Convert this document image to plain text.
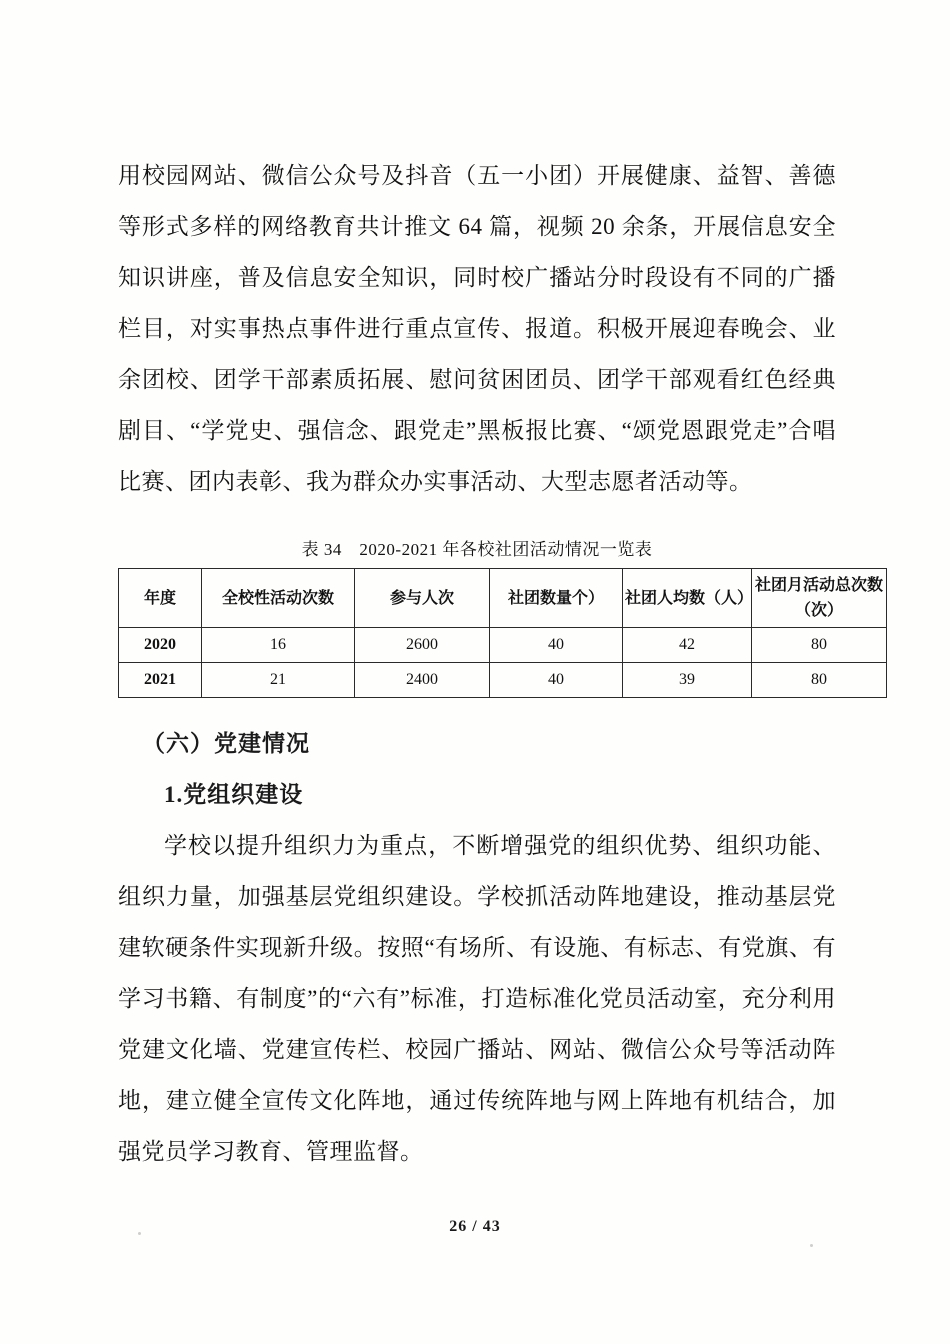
用校园网站、微信公众号及抖音（五一小团）开展健康、益智、善德等形式多样的网络教育共计推文 64 篇，视频 20 余条，开展信息安全知识讲座，普及信息安全知识，同时校广播站分时段设有不同的广播栏目，对实事热点事件进行重点宣传、报道。积极开展迎春晚会、业余团校、团学干部素质拓展、慰问贫困团员、团学干部观看红色经典剧目、“学党史、强信念、跟党走”黑板报比赛、“颂党恩跟党走”合唱比赛、团内表彰、我为群众办实事活动、大型志愿者活动等。

表 34　2020-2021 年各校社团活动情况一览表
年度	全校性活动次数	参与人次	社团数量个）	社团人均数（人）	社团月活动总次数（次）
2020	16	2600	40	42	80
2021	21	2400	40	39	80

（六）党建情况

1.党组织建设

学校以提升组织力为重点，不断增强党的组织优势、组织功能、组织力量，加强基层党组织建设。学校抓活动阵地建设，推动基层党建软硬条件实现新升级。按照“有场所、有设施、有标志、有党旗、有学习书籍、有制度”的“六有”标准，打造标准化党员活动室，充分利用党建文化墙、党建宣传栏、校园广播站、网站、微信公众号等活动阵地，建立健全宣传文化阵地，通过传统阵地与网上阵地有机结合，加强党员学习教育、管理监督。

26 / 43
